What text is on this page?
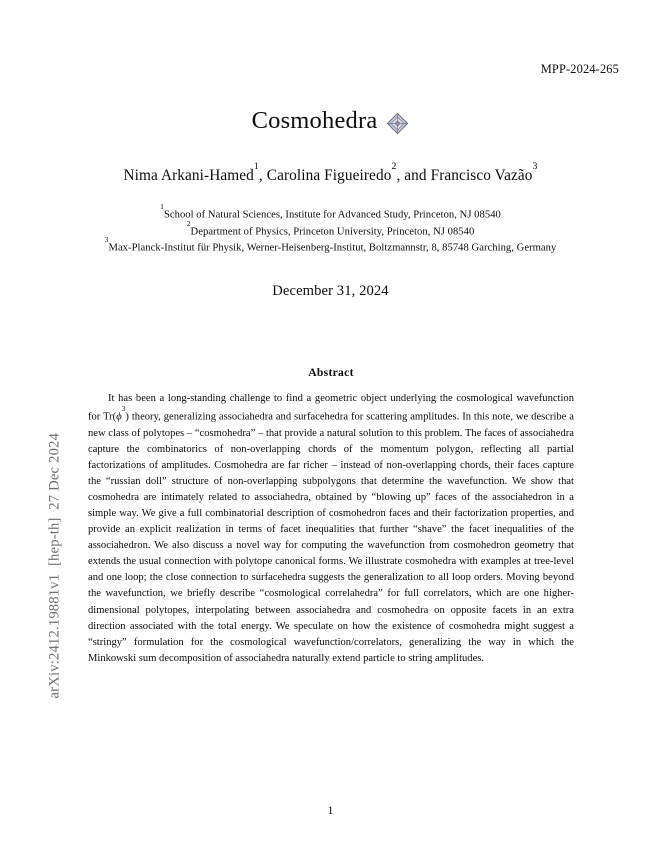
arXiv:2412.19881v1  [hep-th]  27 Dec 2024
MPP-2024-265
Cosmohedra
Nima Arkani-Hamed$^1$, Carolina Figueiredo$^2$, and Francisco Vazão$^3$
$^1$School of Natural Sciences, Institute for Advanced Study, Princeton, NJ 08540
$^2$Department of Physics, Princeton University, Princeton, NJ 08540
$^3$Max-Planck-Institut für Physik, Werner-Heisenberg-Institut, Boltzmannstr, 8, 85748 Garching, Germany
December 31, 2024
Abstract
It has been a long-standing challenge to find a geometric object underlying the cosmological wavefunction for $Tr(\phi^3)$ theory, generalizing associahedra and surfacehedra for scattering amplitudes. In this note, we describe a new class of polytopes – “cosmohedra” – that provide a natural solution to this problem. The faces of associahedra capture the combinatorics of non-overlapping chords of the momentum polygon, reflecting all partial factorizations of amplitudes. Cosmohedra are far richer – instead of non-overlapping chords, their faces capture the “russian doll” structure of non-overlapping subpolygons that determine the wavefunction. We show that cosmohedra are intimately related to associahedra, obtained by “blowing up” faces of the associahedron in a simple way. We give a full combinatorial description of cosmohedron faces and their factorization properties, and provide an explicit realization in terms of facet inequalities that further “shave” the facet inequalities of the associahedron. We also discuss a novel way for computing the wavefunction from cosmohedron geometry that extends the usual connection with polytope canonical forms. We illustrate cosmohedra with examples at tree-level and one loop; the close connection to surfacehedra suggests the generalization to all loop orders. Moving beyond the wavefunction, we briefly describe “cosmological correlahedra” for full correlators, which are one higher-dimensional polytopes, interpolating between associahedra and cosmohedra on opposite facets in an extra direction associated with the total energy. We speculate on how the existence of cosmohedra might suggest a “stringy” formulation for the cosmological wavefunction/correlators, generalizing the way in which the Minkowski sum decomposition of associahedra naturally extend particle to string amplitudes.
1
